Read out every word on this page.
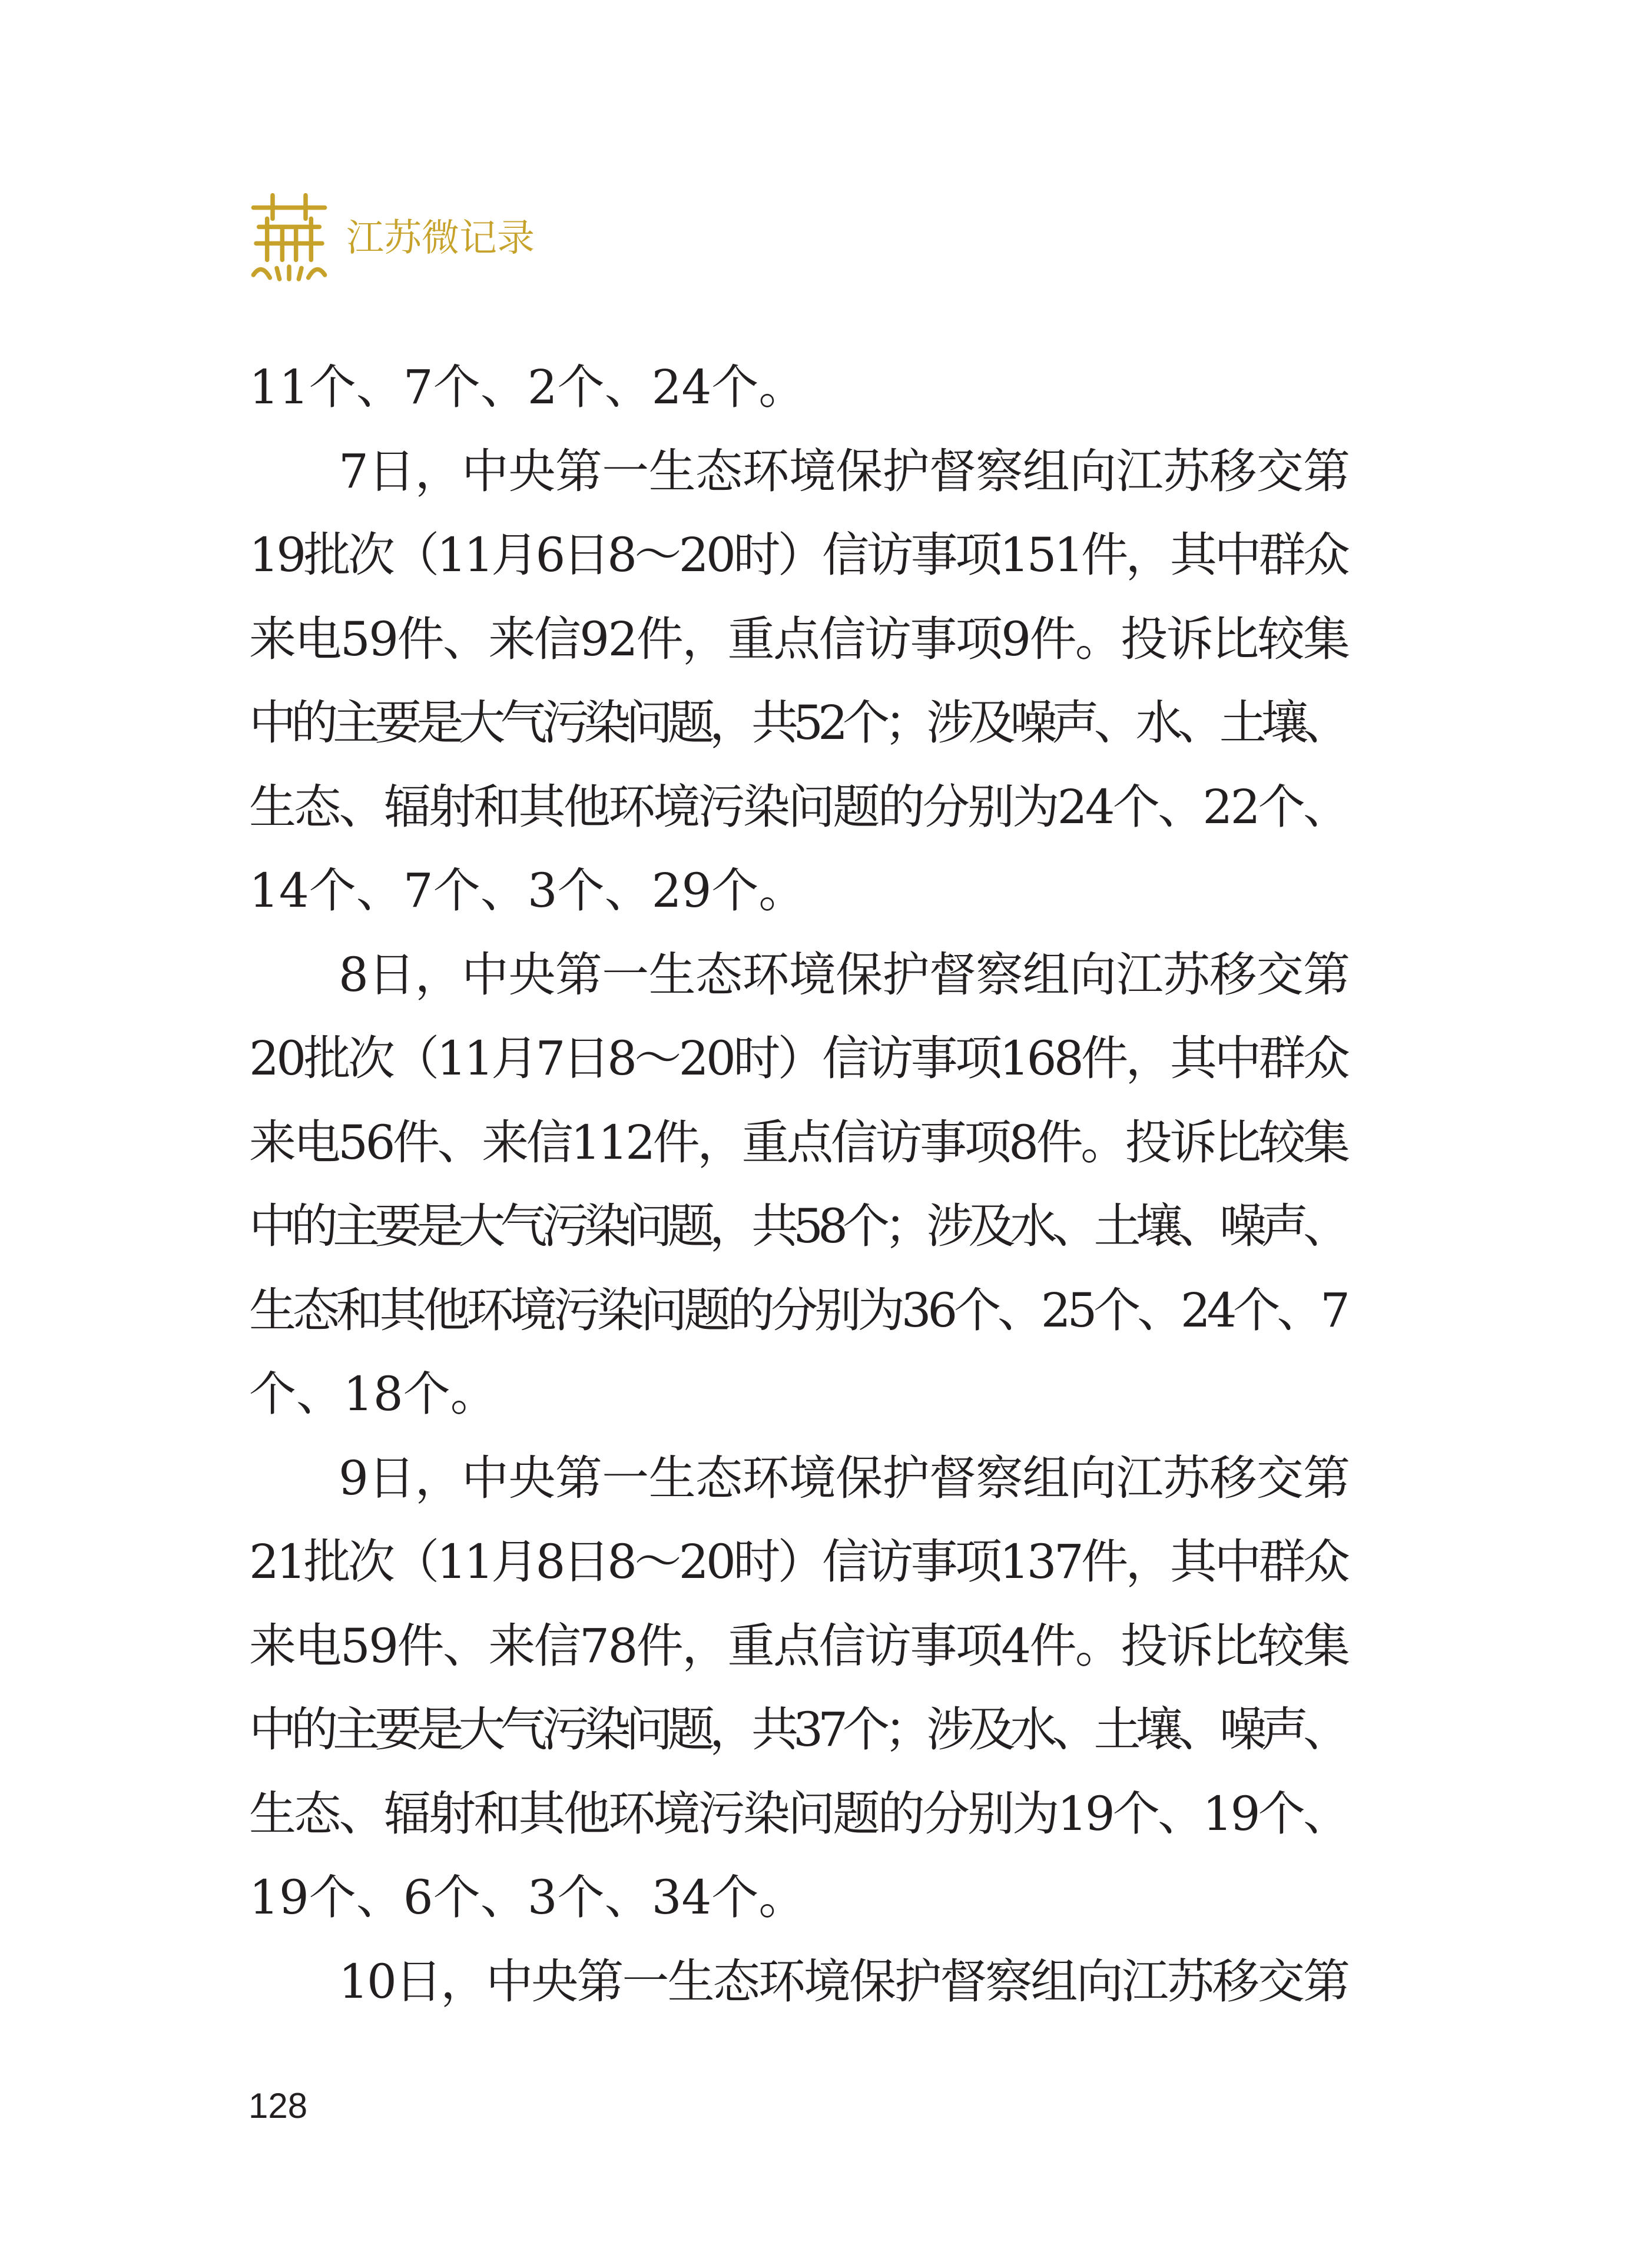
江苏微记录
11个、7个、2个、24个。
7日，中央第一生态环境保护督察组向江苏移交第
19批次（11月6日8～20时）信访事项151件，其中群众
来电59件、来信92件，重点信访事项9件。投诉比较集
中的主要是大气污染问题，共52个；涉及噪声、水、土壤、
生态、辐射和其他环境污染问题的分别为24个、22个、
14个、7个、3个、29个。
8日，中央第一生态环境保护督察组向江苏移交第
20批次（11月7日8～20时）信访事项168件，其中群众
来电56件、来信112件，重点信访事项8件。投诉比较集
中的主要是大气污染问题，共58个；涉及水、土壤、噪声、
生态和其他环境污染问题的分别为36个、25个、24个、7
个、18个。
9日，中央第一生态环境保护督察组向江苏移交第
21批次（11月8日8～20时）信访事项137件，其中群众
来电59件、来信78件，重点信访事项4件。投诉比较集
中的主要是大气污染问题，共37个；涉及水、土壤、噪声、
生态、辐射和其他环境污染问题的分别为19个、19个、
19个、6个、3个、34个。
10日，中央第一生态环境保护督察组向江苏移交第
128
